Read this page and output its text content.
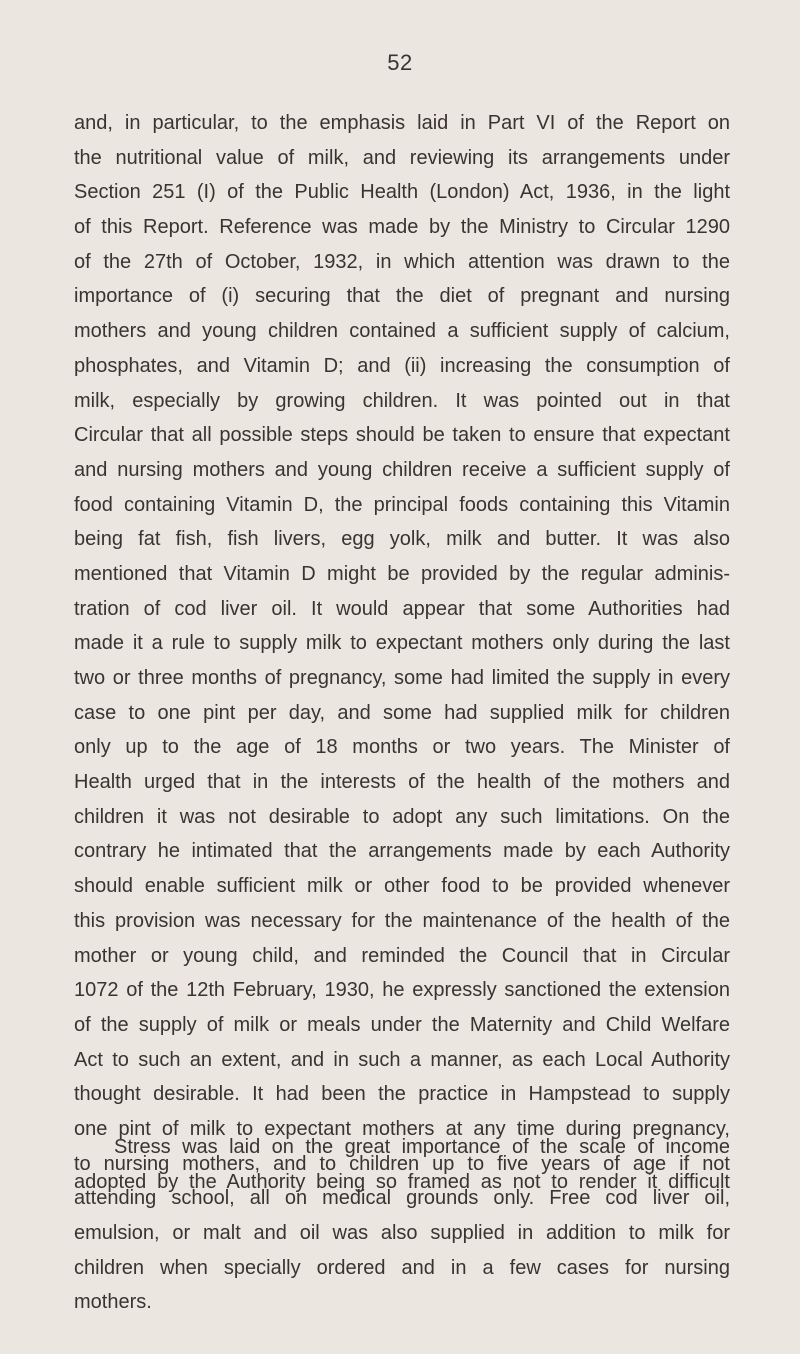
52
and, in particular, to the emphasis laid in Part VI of the Report on
the nutritional value of milk, and reviewing its arrangements under
Section 251 (I) of the Public Health (London) Act, 1936, in the light
of this Report. Reference was made by the Ministry to Circular 1290
of the 27th of October, 1932, in which attention was drawn to the
importance of (i) securing that the diet of pregnant and nursing
mothers and young children contained a sufficient supply of calcium,
phosphates, and Vitamin D; and (ii) increasing the consumption of
milk, especially by growing children. It was pointed out in that
Circular that all possible steps should be taken to ensure that expectant
and nursing mothers and young children receive a sufficient supply of
food containing Vitamin D, the principal foods containing this Vitamin
being fat fish, fish livers, egg yolk, milk and butter. It was also
mentioned that Vitamin D might be provided by the regular adminis-
tration of cod liver oil. It would appear that some Authorities had
made it a rule to supply milk to expectant mothers only during the last
two or three months of pregnancy, some had limited the supply in every
case to one pint per day, and some had supplied milk for children
only up to the age of 18 months or two years. The Minister of
Health urged that in the interests of the health of the mothers and
children it was not desirable to adopt any such limitations. On the
contrary he intimated that the arrangements made by each Authority
should enable sufficient milk or other food to be provided whenever
this provision was necessary for the maintenance of the health of the
mother or young child, and reminded the Council that in Circular
1072 of the 12th February, 1930, he expressly sanctioned the extension
of the supply of milk or meals under the Maternity and Child Welfare
Act to such an extent, and in such a manner, as each Local Authority
thought desirable. It had been the practice in Hampstead to supply
one pint of milk to expectant mothers at any time during pregnancy,
to nursing mothers, and to children up to five years of age if not
attending school, all on medical grounds only. Free cod liver oil,
emulsion, or malt and oil was also supplied in addition to milk for
children when specially ordered and in a few cases for nursing
mothers.
Stress was laid on the great importance of the scale of income
adopted by the Authority being so framed as not to render it difficult
